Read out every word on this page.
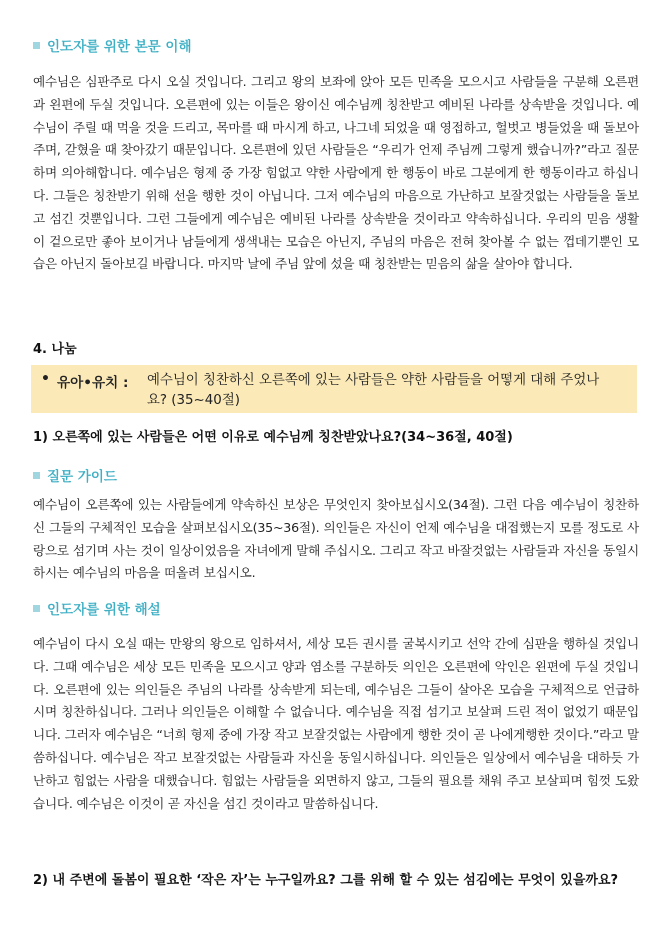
인도자를 위한 본문 이해
예수님은 심판주로 다시 오실 것입니다. 그리고 왕의 보좌에 앉아 모든 민족을 모으시고 사람들을 구분해 오른편과 왼편에 두실 것입니다. 오른편에 있는 이들은 왕이신 예수님께 칭찬받고 예비된 나라를 상속받을 것입니다. 예수님이 주릴 때 먹을 것을 드리고, 목마를 때 마시게 하고, 나그네 되었을 때 영접하고, 헐벗고 병들었을 때 돌보아 주며, 갇혔을 때 찾아갔기 때문입니다. 오른편에 있던 사람들은 “우리가 언제 주님께 그렇게 했습니까?”라고 질문하며 의아해합니다. 예수님은 형제 중 가장 힘없고 약한 사람에게 한 행동이 바로 그분에게 한 행동이라고 하십니다. 그들은 칭찬받기 위해 선을 행한 것이 아닙니다. 그저 예수님의 마음으로 가난하고 보잘것없는 사람들을 돌보고 섬긴 것뿐입니다. 그런 그들에게 예수님은 예비된 나라를 상속받을 것이라고 약속하십니다. 우리의 믿음 생활이 겉으로만 좋아 보이거나 남들에게 생색내는 모습은 아닌지, 주님의 마음은 전혀 찾아볼 수 없는 껍데기뿐인 모습은 아닌지 돌아보길 바랍니다. 마지막 날에 주님 앞에 섰을 때 칭찬받는 믿음의 삶을 살아야 합니다.
4. 나눔
• 유아•유치 : 예수님이 칭찬하신 오른쪽에 있는 사람들은 약한 사람들을 어떻게 대해 주었나요? (35~40절)
1) 오른쪽에 있는 사람들은 어떤 이유로 예수님께 칭찬받았나요?(34~36절, 40절)
질문 가이드
예수님이 오른쪽에 있는 사람들에게 약속하신 보상은 무엇인지 찾아보십시오(34절). 그런 다음 예수님이 칭찬하신 그들의 구체적인 모습을 살펴보십시오(35~36절). 의인들은 자신이 언제 예수님을 대접했는지 모를 정도로 사랑으로 섬기며 사는 것이 일상이었음을 자녀에게 말해 주십시오. 그리고 작고 바잘것없는 사람들과 자신을 동일시하시는 예수님의 마음을 떠올려 보십시오.
인도자를 위한 해설
예수님이 다시 오실 때는 만왕의 왕으로 임하셔서, 세상 모든 권시를 굴복시키고 선악 간에 심판을 행하실 것입니다. 그때 예수님은 세상 모든 민족을 모으시고 양과 염소를 구분하듯 의인은 오른편에 악인은 왼편에 두실 것입니다. 오른편에 있는 의인들은 주님의 나라를 상속받게 되는데, 예수님은 그들이 살아온 모습을 구체적으로 언급하시며 칭찬하십니다. 그러나 의인들은 이해할 수 없습니다. 예수님을 직접 섬기고 보살펴 드린 적이 없었기 때문입니다. 그러자 예수님은 “너희 형제 중에 가장 작고 보잘것없는 사람에게 행한 것이 곧 나에게행한 것이다.”라고 말씀하십니다. 예수님은 작고 보잘것없는 사람들과 자신을 동일시하십니다. 의인들은 일상에서 예수님을 대하듯 가난하고 힘없는 사람을 대했습니다. 힘없는 사람들을 외면하지 않고, 그들의 필요를 채워 주고 보살피며 힘껏 도왔습니다. 예수님은 이것이 곧 자신을 섬긴 것이라고 말씀하십니다.
2) 내 주변에 돌봄이 필요한 ‘작은 자’는 누구일까요? 그를 위해 할 수 있는 섬김에는 무엇이 있을까요?
